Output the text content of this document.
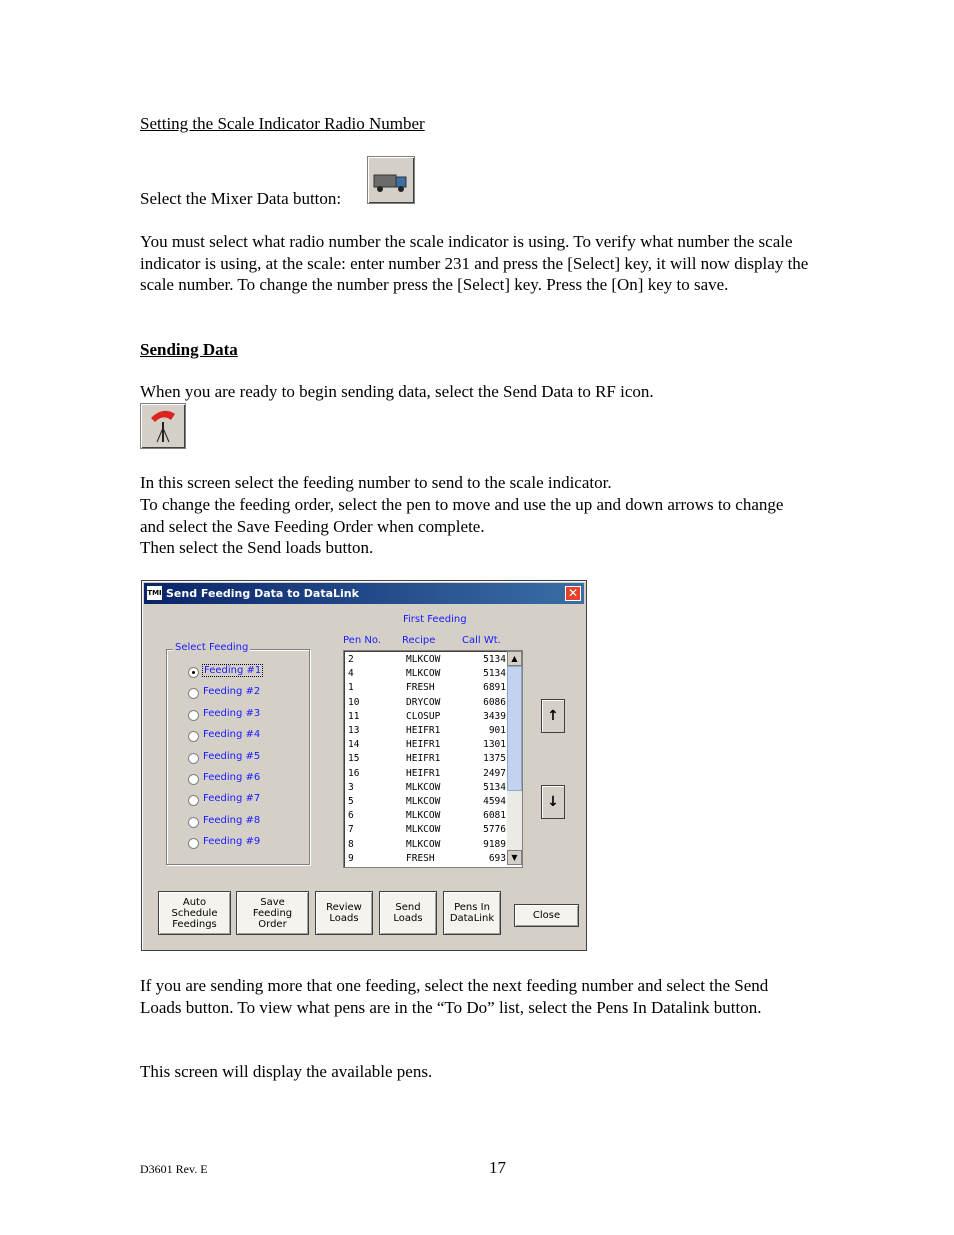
Setting the Scale Indicator Radio Number
Select the Mixer Data button:
You must select what radio number the scale indicator is using. To verify what number the scale indicator is using, at the scale: enter number 231 and press the [Select] key, it will now display the scale number. To change the number press the [Select] key. Press the [On] key to save.
Sending Data
When you are ready to begin sending data, select the Send Data to RF icon.
In this screen select the feeding number to send to the scale indicator.
To change the feeding order, select the pen to move and use the up and down arrows to change and select the Save Feeding Order when complete.
Then select the Send loads button.
TMI Send Feeding Data to DataLink	✕
First Feeding
Pen No. Recipe	Call Wt.
Select Feeding
Feeding #1
Feeding #2
Feeding #3
Feeding #4
Feeding #5
Feeding #6
Feeding #7
Feeding #8
Feeding #9
2	MLKCOW	5134
4	MLKCOW	5134
1	FRESH	6891
10	DRYCOW	6086
11	CLOSUP	3439
13	HEIFR1	901
14	HEIFR1	1301
15	HEIFR1	1375
16	HEIFR1	2497
3	MLKCOW	5134
5	MLKCOW	4594
6	MLKCOW	6081
7	MLKCOW	5776
8	MLKCOW	9189
9	FRESH	693
▲
▼
↑
↓
Auto
Schedule
Feedings
Save
Feeding
Order
Review
Loads
Send
Loads
Pens In
DataLink	Close
If you are sending more that one feeding, select the next feeding number and select the Send Loads button. To view what pens are in the “To Do” list, select the Pens In Datalink button.
This screen will display the available pens.
D3601 Rev. E	17
